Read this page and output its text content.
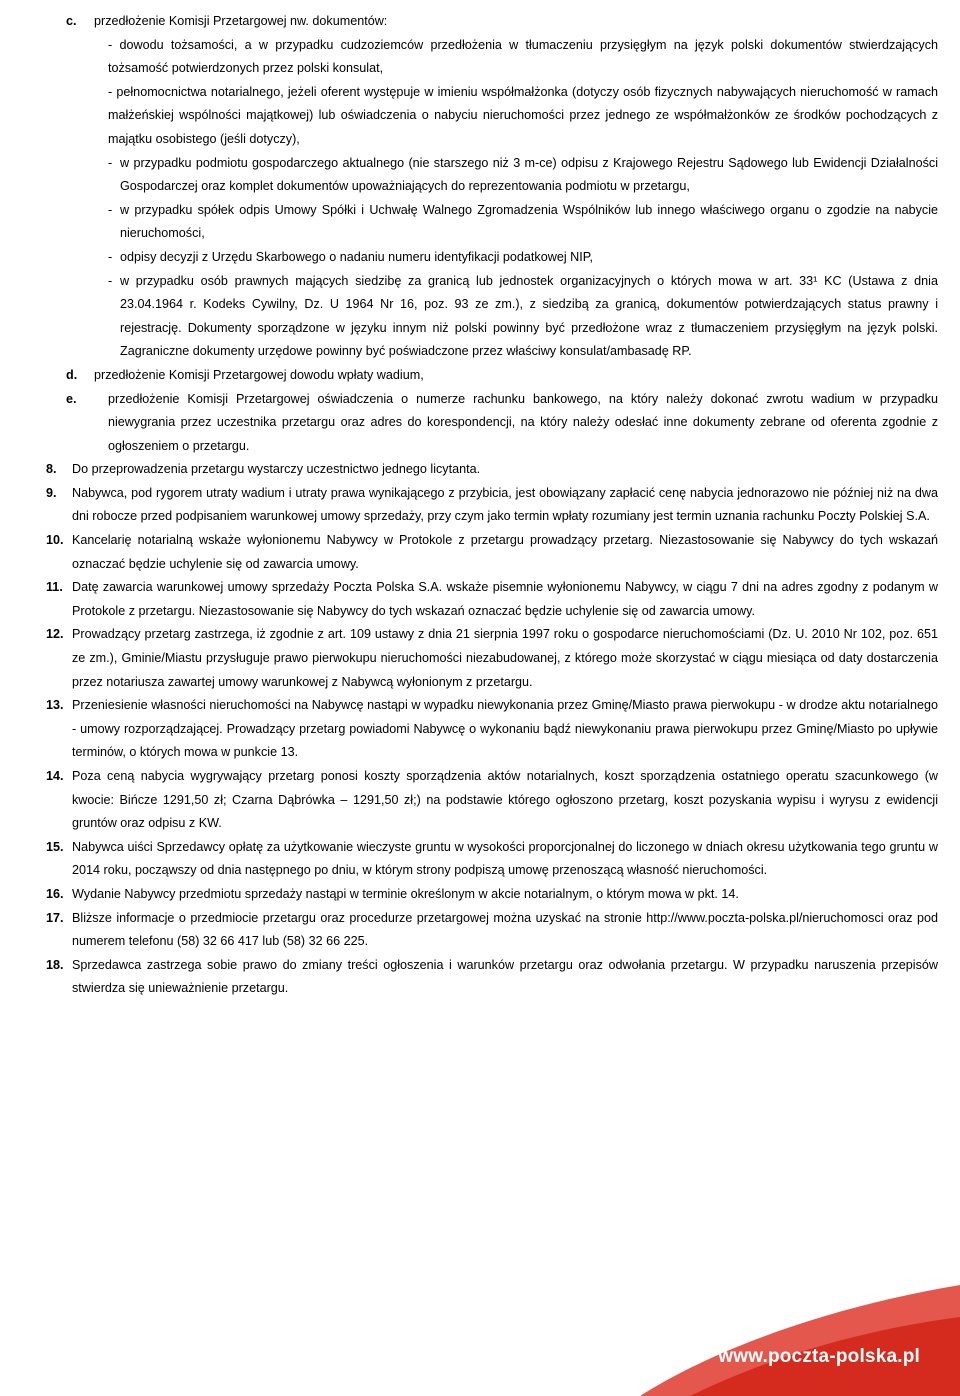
c. przedłożenie Komisji Przetargowej nw. dokumentów:
- dowodu tożsamości, a w przypadku cudzoziemców przedłożenia w tłumaczeniu przysięgłym na język polski dokumentów stwierdzających tożsamość potwierdzonych przez polski konsulat,
- pełnomocnictwa notarialnego, jeżeli oferent występuje w imieniu współmałżonka (dotyczy osób fizycznych nabywających nieruchomość w ramach małżeńskiej wspólności majątkowej) lub oświadczenia o nabyciu nieruchomości przez jednego ze współmałżonków ze środków pochodzących z majątku osobistego (jeśli dotyczy),
- w przypadku podmiotu gospodarczego aktualnego (nie starszego niż 3 m-ce) odpisu z Krajowego Rejestru Sądowego lub Ewidencji Działalności Gospodarczej oraz komplet dokumentów upoważniających do reprezentowania podmiotu w przetargu,
- w przypadku spółek odpis Umowy Spółki i Uchwałę Walnego Zgromadzenia Wspólników lub innego właściwego organu o zgodzie na nabycie nieruchomości,
- odpisy decyzji z Urzędu Skarbowego o nadaniu numeru identyfikacji podatkowej NIP,
- w przypadku osób prawnych mających siedzibę za granicą lub jednostek organizacyjnych o których mowa w art. 33¹ KC (Ustawa z dnia 23.04.1964 r. Kodeks Cywilny, Dz. U 1964 Nr 16, poz. 93 ze zm.), z siedzibą za granicą, dokumentów potwierdzających status prawny i rejestrację. Dokumenty sporządzone w języku innym niż polski powinny być przedłożone wraz z tłumaczeniem przysięgłym na język polski. Zagraniczne dokumenty urzędowe powinny być poświadczone przez właściwy konsulat/ambasadę RP.
d. przedłożenie Komisji Przetargowej dowodu wpłaty wadium,
e. przedłożenie Komisji Przetargowej oświadczenia o numerze rachunku bankowego, na który należy dokonać zwrotu wadium w przypadku niewygrania przez uczestnika przetargu oraz adres do korespondencji, na który należy odesłać inne dokumenty zebrane od oferenta zgodnie z ogłoszeniem o przetargu.
8. Do przeprowadzenia przetargu wystarczy uczestnictwo jednego licytanta.
9. Nabywca, pod rygorem utraty wadium i utraty prawa wynikającego z przybicia, jest obowiązany zapłacić cenę nabycia jednorazowo nie później niż na dwa dni robocze przed podpisaniem warunkowej umowy sprzedaży, przy czym jako termin wpłaty rozumiany jest termin uznania rachunku Poczty Polskiej S.A.
10. Kancelarię notarialną wskaże wyłonionemu Nabywcy w Protokole z przetargu prowadzący przetarg. Niezastosowanie się Nabywcy do tych wskazań oznaczać będzie uchylenie się od zawarcia umowy.
11. Datę zawarcia warunkowej umowy sprzedaży Poczta Polska S.A. wskaże pisemnie wyłonionemu Nabywcy, w ciągu 7 dni na adres zgodny z podanym w Protokole z przetargu. Niezastosowanie się Nabywcy do tych wskazań oznaczać będzie uchylenie się od zawarcia umowy.
12. Prowadzący przetarg zastrzega, iż zgodnie z art. 109 ustawy z dnia 21 sierpnia 1997 roku o gospodarce nieruchomościami (Dz. U. 2010 Nr 102, poz. 651 ze zm.), Gminie/Miastu przysługuje prawo pierwokupu nieruchomości niezabudowanej, z którego może skorzystać w ciągu miesiąca od daty dostarczenia przez notariusza zawartej umowy warunkowej z Nabywcą wyłonionym z przetargu.
13. Przeniesienie własności nieruchomości na Nabywcę nastąpi w wypadku niewykonania przez Gminę/Miasto prawa pierwokupu - w drodze aktu notarialnego - umowy rozporządzającej. Prowadzący przetarg powiadomi Nabywcę o wykonaniu bądź niewykonaniu prawa pierwokupu przez Gminę/Miasto po upływie terminów, o których mowa w punkcie 13.
14. Poza ceną nabycia wygrywający przetarg ponosi koszty sporządzenia aktów notarialnych, koszt sporządzenia ostatniego operatu szacunkowego (w kwocie: Bińcze 1291,50 zł; Czarna Dąbrówka – 1291,50 zł;) na podstawie którego ogłoszono przetarg, koszt pozyskania wypisu i wyrysu z ewidencji gruntów oraz odpisu z KW.
15. Nabywca uiści Sprzedawcy opłatę za użytkowanie wieczyste gruntu w wysokości proporcjonalnej do liczonego w dniach okresu użytkowania tego gruntu w 2014 roku, począwszy od dnia następnego po dniu, w którym strony podpiszą umowę przenoszącą własność nieruchomości.
16. Wydanie Nabywcy przedmiotu sprzedaży nastąpi w terminie określonym w akcie notarialnym, o którym mowa w pkt. 14.
17. Bliższe informacje o przedmiocie przetargu oraz procedurze przetargowej można uzyskać na stronie http://www.poczta-polska.pl/nieruchomosci oraz pod numerem telefonu (58) 32 66 417 lub (58) 32 66 225.
18. Sprzedawca zastrzega sobie prawo do zmiany treści ogłoszenia i warunków przetargu oraz odwołania przetargu. W przypadku naruszenia przepisów stwierdza się unieważnienie przetargu.
www.poczta-polska.pl
